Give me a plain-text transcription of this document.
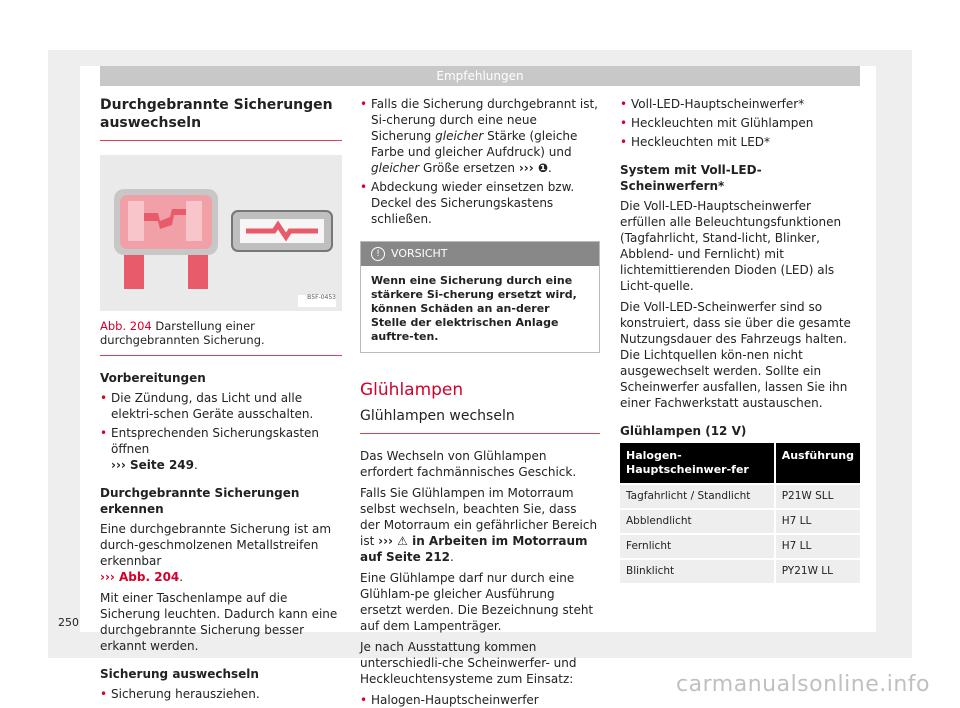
Empfehlungen
Durchgebrannte Sicherungen auswechseln
B5F-0453
Abb. 204 Darstellung einer durchgebrannten Sicherung.
Vorbereitungen
• Die Zündung, das Licht und alle elektri-schen Geräte ausschalten.
• Entsprechenden Sicherungskasten öffnen
››› Seite 249.
Durchgebrannte Sicherungen erkennen

Eine durchgebrannte Sicherung ist am durch-geschmolzenen Metallstreifen erkennbar
››› Abb. 204.

Mit einer Taschenlampe auf die Sicherung leuchten. Dadurch kann eine durchgebrannte Sicherung besser erkannt werden.

Sicherung auswechseln
• Sicherung herausziehen.
• Falls die Sicherung durchgebrannt ist, Si-cherung durch eine neue Sicherung gleicher Stärke (gleiche Farbe und gleicher Aufdruck) und gleicher Größe ersetzen ››› ❶.
• Abdeckung wieder einsetzen bzw. Deckel des Sicherungskastens schließen.
!	VORSICHT
Wenn eine Sicherung durch eine stärkere Si-cherung ersetzt wird, können Schäden an an-derer Stelle der elektrischen Anlage auftre-ten.
Glühlampen
Glühlampen wechseln

Das Wechseln von Glühlampen erfordert fachmännisches Geschick.

Falls Sie Glühlampen im Motorraum selbst wechseln, beachten Sie, dass der Motorraum ein gefährlicher Bereich ist ››› ⚠ in Arbeiten im Motorraum auf Seite 212.

Eine Glühlampe darf nur durch eine Glühlam-pe gleicher Ausführung ersetzt werden. Die Bezeichnung steht auf dem Lampenträger.

Je nach Ausstattung kommen unterschiedli-che Scheinwerfer- und Heckleuchtensysteme zum Einsatz:

• Halogen-Hauptscheinwerfer
• Voll-LED-Hauptscheinwerfer*
• Heckleuchten mit Glühlampen
• Heckleuchten mit LED*
System mit Voll-LED-Scheinwerfern*

Die Voll-LED-Hauptscheinwerfer erfüllen alle Beleuchtungsfunktionen (Tagfahrlicht, Stand-licht, Blinker, Abblend- und Fernlicht) mit lichtemittierenden Dioden (LED) als Licht-quelle.

Die Voll-LED-Scheinwerfer sind so konstruiert, dass sie über die gesamte Nutzungsdauer des Fahrzeugs halten. Die Lichtquellen kön-nen nicht ausgewechselt werden. Sollte ein Scheinwerfer ausfallen, lassen Sie ihn einer Fachwerkstatt austauschen.

Glühlampen (12 V)
Halogen-Hauptscheinwer-fer	Ausführung
Tagfahrlicht / Standlicht	P21W SLL
Abblendlicht	H7 LL
Fernlicht	H7 LL
Blinklicht	PY21W LL
250
carmanualsonline.info
